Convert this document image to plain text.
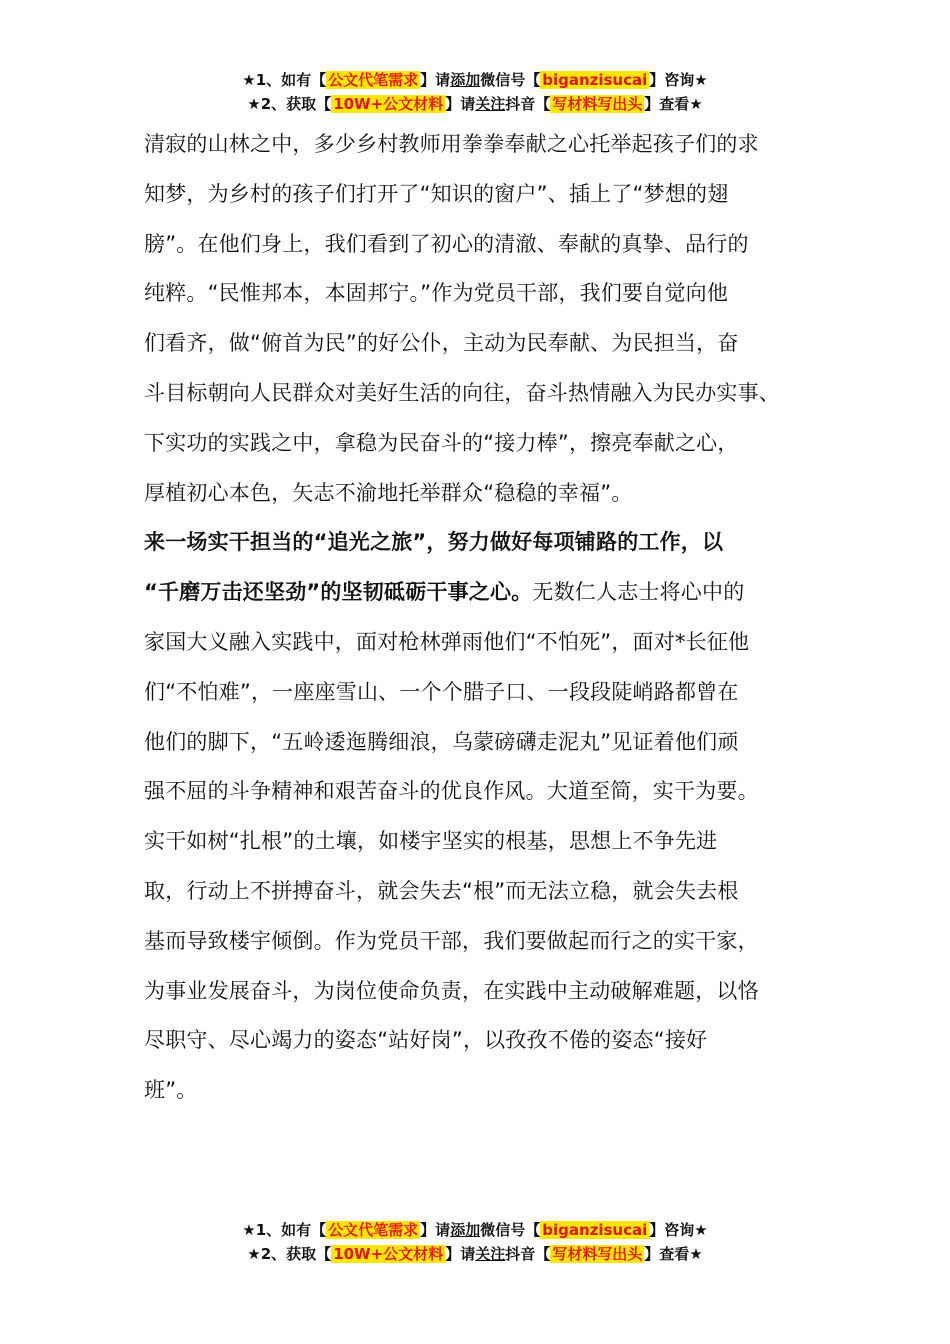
★1、如有【 公文代笔需求 】请添加微信号【 biganzisucai 】咨询★
★2、获取【 10W+公文材料 】请关注抖音【 写材料写出头 】查看★
清寂的山林之中，多少乡村教师用拳拳奉献之心托举起孩子们的求
知梦，为乡村的孩子们打开了“知识的窗户”、插上了“梦想的翅
膀”。在他们身上，我们看到了初心的清澈、奉献的真挚、品行的
纯粹。“民惟邦本，本固邦宁。”作为党员干部，我们要自觉向他
们看齐，做“俯首为民”的好公仆，主动为民奉献、为民担当，奋
斗目标朝向人民群众对美好生活的向往，奋斗热情融入为民办实事、
下实功的实践之中，拿稳为民奋斗的“接力棒”，擦亮奉献之心，
厚植初心本色，矢志不渝地托举群众“稳稳的幸福”。
来一场实干担当的“追光之旅”，努力做好每项铺路的工作，以
“千磨万击还坚劲”的坚韧砥砺干事之心。无数仁人志士将心中的
家国大义融入实践中，面对枪林弹雨他们“不怕死”，面对*长征他
们“不怕难”，一座座雪山、一个个腊子口、一段段陡峭路都曾在
他们的脚下，“五岭逶迤腾细浪，乌蒙磅礴走泥丸”见证着他们顽
强不屈的斗争精神和艰苦奋斗的优良作风。大道至简，实干为要。
实干如树“扎根”的土壤，如楼宇坚实的根基，思想上不争先进
取，行动上不拼搏奋斗，就会失去“根”而无法立稳，就会失去根
基而导致楼宇倾倒。作为党员干部，我们要做起而行之的实干家，
为事业发展奋斗，为岗位使命负责，在实践中主动破解难题，以恪
尽职守、尽心竭力的姿态“站好岗”，以孜孜不倦的姿态“接好
班”。
★1、如有【 公文代笔需求 】请添加微信号【 biganzisucai 】咨询★
★2、获取【 10W+公文材料 】请关注抖音【 写材料写出头 】查看★
